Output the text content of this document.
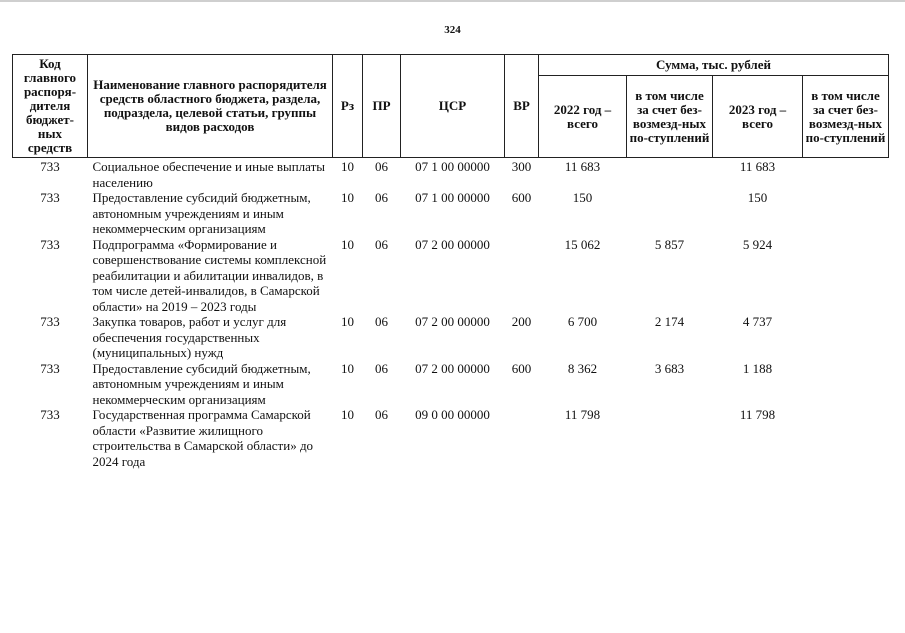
324
Код главного распоря-дителя бюджет-ных средств	Наименование главного распорядителя средств областного бюджета, раздела, подраздела, целевой статьи, группы видов расходов	Рз	ПР	ЦСР	ВР	Сумма, тыс. рублей			
						2022 год – всего	в том числе за счет без-возмезд-ных по-ступлений	2023 год – всего	в том числе за счет без-возмезд-ных по-ступлений
733	Социальное обеспечение и иные выплаты населению	10	06	07 1 00 00000	300	11 683		11 683	
733	Предоставление субсидий бюджетным, автономным учреждениям и иным некоммерческим организациям	10	06	07 1 00 00000	600	150		150	
733	Подпрограмма «Формирование и совершенствование системы комплексной реабилитации и абилитации инвалидов, в том числе детей-инвалидов, в Самарской области» на 2019 – 2023 годы	10	06	07 2 00 00000		15 062	5 857	5 924	
733	Закупка товаров, работ и услуг для обеспечения государственных (муниципальных) нужд	10	06	07 2 00 00000	200	6 700	2 174	4 737	
733	Предоставление субсидий бюджетным, автономным учреждениям и иным некоммерческим организациям	10	06	07 2 00 00000	600	8 362	3 683	1 188	
733	Государственная программа Самарской области «Развитие жилищного строительства в Самарской области» до 2024 года	10	06	09 0 00 00000		11 798		11 798	
